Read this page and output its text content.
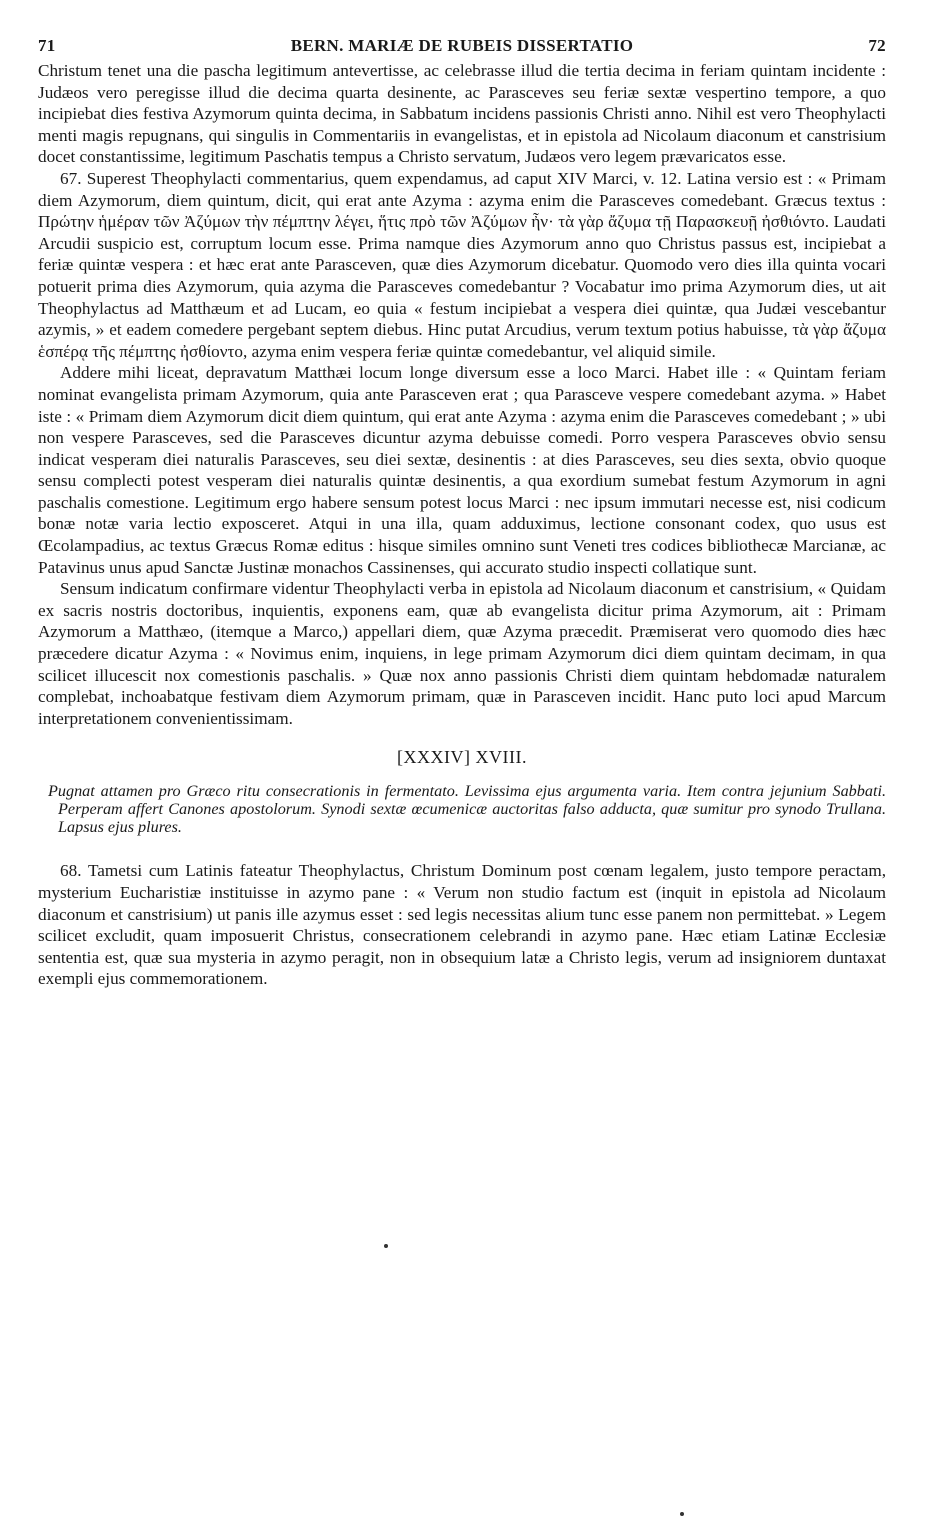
71	BERN. MARIÆ DE RUBEIS DISSERTATIO	72

Christum tenet una die pascha legitimum antevertisse, ac celebrasse illud die tertia decima in feriam quintam incidente : Judæos vero peregisse illud die decima quarta desinente, ac Parasceves seu feriæ sextæ vespertino tempore, a quo incipiebat dies festiva Azymorum quinta decima, in Sabbatum incidens passionis Christi anno. Nihil est vero Theophylacti menti magis repugnans, qui singulis in Commentariis in evangelistas, et in epistola ad Nicolaum diaconum et canstrisium docet constantissime, legitimum Paschatis tempus a Christo servatum, Judæos vero legem prævaricatos esse.

67. Superest Theophylacti commentarius, quem expendamus, ad caput XIV Marci, v. 12. Latina versio est : « Primam diem Azymorum, diem quintum, dicit, qui erat ante Azyma : azyma enim die Parasceves comedebant. Græcus textus : Πρώτην ἡμέραν τῶν Ἀζύμων τὴν πέμπτην λέγει, ἥτις πρὸ τῶν Ἀζύμων ἦν· τὰ γὰρ ἄζυμα τῇ Παρασκευῇ ἠσθιόντο. Laudati Arcudii suspicio est, corruptum locum esse. Prima namque dies Azymorum anno quo Christus passus est, incipiebat a feriæ quintæ vespera : et hæc erat ante Parasceven, quæ dies Azymorum dicebatur. Quomodo vero dies illa quinta vocari potuerit prima dies Azymorum, quia azyma die Parasceves comedebantur ? Vocabatur imo prima Azymorum dies, ut ait Theophylactus ad Matthæum et ad Lucam, eo quia « festum incipiebat a vespera diei quintæ, qua Judæi vescebantur azymis, » et eadem comedere pergebant septem diebus. Hinc putat Arcudius, verum textum potius habuisse, τὰ γὰρ ἄζυμα ἑσπέρᾳ τῆς πέμπτης ἠσθίοντο, azyma enim vespera feriæ quintæ comedebantur, vel aliquid simile.

Addere mihi liceat, depravatum Matthæi locum longe diversum esse a loco Marci. Habet ille : « Quintam feriam nominat evangelista primam Azymorum, quia ante Parasceven erat ; qua Parasceve vespere comedebant azyma. » Habet iste : « Primam diem Azymorum dicit diem quintum, qui erat ante Azyma : azyma enim die Parasceves comedebant ; » ubi non vespere Parasceves, sed die Parasceves dicuntur azyma debuisse comedi. Porro vespera Parasceves obvio sensu indicat vesperam diei naturalis Parasceves, seu diei sextæ, desinentis : at dies Parasceves, seu dies sexta, obvio quoque sensu complecti potest vesperam diei naturalis quintæ desinentis, a qua exordium sumebat festum Azymorum in agni paschalis comestione. Legitimum ergo habere sensum potest locus Marci : nec ipsum immutari necesse est, nisi codicum bonæ notæ varia lectio exposceret. Atqui in una illa, quam adduximus, lectione consonant codex, quo usus est Œcolampadius, ac textus Græcus Romæ editus : hisque similes omnino sunt Veneti tres codices bibliothecæ Marcianæ, ac Patavinus unus apud Sanctæ Justinæ monachos Cassinenses, qui accurato studio inspecti collatique sunt.

Sensum indicatum confirmare videntur Theophylacti verba in epistola ad Nicolaum diaconum et canstrisium, « Quidam ex sacris nostris doctoribus, inquientis, exponens eam, quæ ab evangelista dicitur prima Azymorum, ait : Primam Azymorum a Matthæo, (itemque a Marco,) appellari diem, quæ Azyma præcedit. Præmiserat vero quomodo dies hæc præcedere dicatur Azyma : « Novimus enim, inquiens, in lege primam Azymorum dici diem quintam decimam, in qua scilicet illucescit nox comestionis paschalis. » Quæ nox anno passionis Christi diem quintam hebdomadæ naturalem complebat, inchoabatque festivam diem Azymorum primam, quæ in Parasceven incidit. Hanc puto loci apud Marcum interpretationem convenientissimam.

[XXXIV] XVIII.
Pugnat attamen pro Græco ritu consecrationis in fermentato. Levissima ejus argumenta varia. Item contra jejunium Sabbati. Perperam affert Canones apostolorum. Synodi sextæ œcumenicæ auctoritas falso adducta, quæ sumitur pro synodo Trullana. Lapsus ejus plures.

68. Tametsi cum Latinis fateatur Theophylactus, Christum Dominum post cœnam legalem, justo tempore peractam, mysterium Eucharistiæ instituisse in azymo pane : « Verum non studio factum est (inquit in epistola ad Nicolaum diaconum et canstrisium) ut panis ille azymus esset : sed legis necessitas alium tunc esse panem non permittebat. » Legem scilicet excludit, quam imposuerit Christus, consecrationem celebrandi in azymo pane. Hæc etiam Latinæ Ecclesiæ sententia est, quæ sua mysteria in azymo peragit, non in obsequium latæ a Christo legis, verum ad insigniorem duntaxat exempli ejus commemorationem.
